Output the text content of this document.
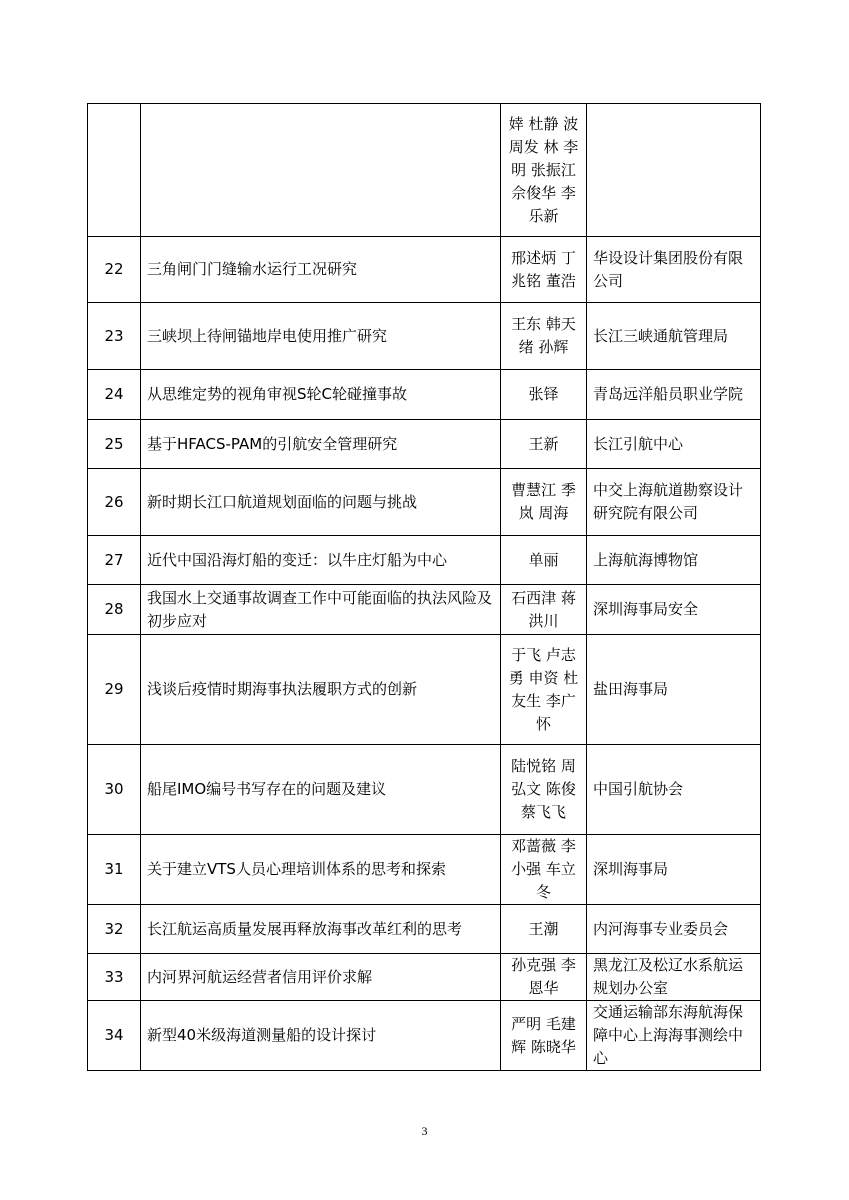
		婞 杜静 波 周发 林 李明 张振江 佘俊华 李乐新	
22	三角闸门门缝输水运行工况研究	邢述炳 丁兆铭 董浩	华设设计集团股份有限公司
23	三峡坝上待闸锚地岸电使用推广研究	王东 韩天绪 孙辉	长江三峡通航管理局
24	从思维定势的视角审视S轮C轮碰撞事故	张铎	青岛远洋船员职业学院
25	基于HFACS-PAM的引航安全管理研究	王新	长江引航中心
26	新时期长江口航道规划面临的问题与挑战	曹慧江 季岚 周海	中交上海航道勘察设计研究院有限公司
27	近代中国沿海灯船的变迁：以牛庄灯船为中心	单丽	上海航海博物馆
28	我国水上交通事故调查工作中可能面临的执法风险及初步应对	石西津 蒋洪川	深圳海事局安全
29	浅谈后疫情时期海事执法履职方式的创新	于飞 卢志勇 申资 杜友生 李广怀	盐田海事局
30	船尾IMO编号书写存在的问题及建议	陆悦铭 周弘文 陈俊 蔡飞飞	中国引航协会
31	关于建立VTS人员心理培训体系的思考和探索	邓蔷薇 李小强 车立冬	深圳海事局
32	长江航运高质量发展再释放海事改革红利的思考	王潮	内河海事专业委员会
33	内河界河航运经营者信用评价求解	孙克强 李恩华	黑龙江及松辽水系航运规划办公室
34	新型40米级海道测量船的设计探讨	严明 毛建辉 陈晓华	交通运输部东海航海保障中心上海海事测绘中心
3
